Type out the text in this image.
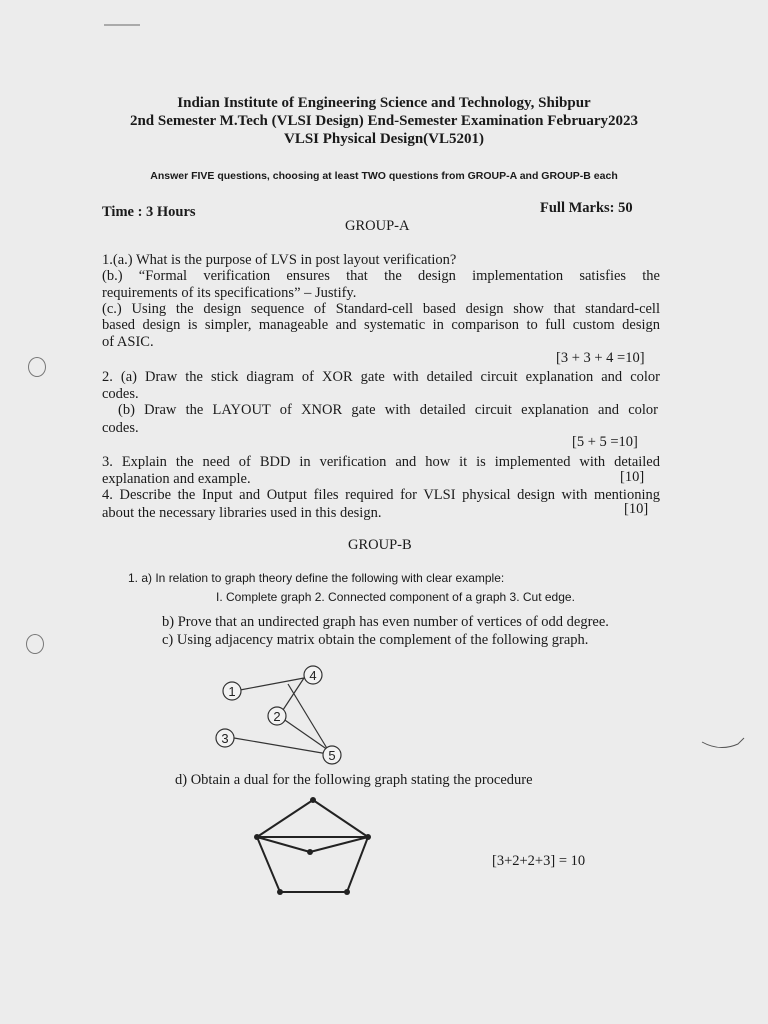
Indian Institute of Engineering Science and Technology, Shibpur
2nd Semester M.Tech (VLSI Design) End-Semester Examination February2023
VLSI Physical Design(VL5201)
Answer FIVE questions, choosing at least TWO questions from GROUP-A and GROUP-B each
Time : 3 Hours	Full Marks: 50
GROUP-A
1.(a.) What is the purpose of LVS in post layout verification?
(b.) “Formal verification ensures that the design implementation satisfies the
requirements of its specifications” – Justify.
(c.) Using the design sequence of Standard-cell based design show that standard-cell
based design is simpler, manageable and systematic in comparison to full custom design
of ASIC.
[3 + 3 + 4 =10]
2. (a) Draw the stick diagram of XOR gate with detailed circuit explanation and color
codes.
(b) Draw the LAYOUT of XNOR gate with detailed circuit explanation and color
codes.
[5 + 5 =10]
3. Explain the need of BDD in verification and how it is implemented with detailed
explanation and example.	[10]
4. Describe the Input and Output files required for VLSI physical design with mentioning
about the necessary libraries used in this design.	[10]
GROUP-B
1. a) In relation to graph theory define the following with clear example:
I. Complete graph 2. Connected component of a graph 3. Cut edge.
b) Prove that an undirected graph has even number of vertices of odd degree.
c) Using adjacency matrix obtain the complement of the following graph.
1
2
3
4
5
d) Obtain a dual for the following graph stating the procedure
[3+2+2+3] = 10
